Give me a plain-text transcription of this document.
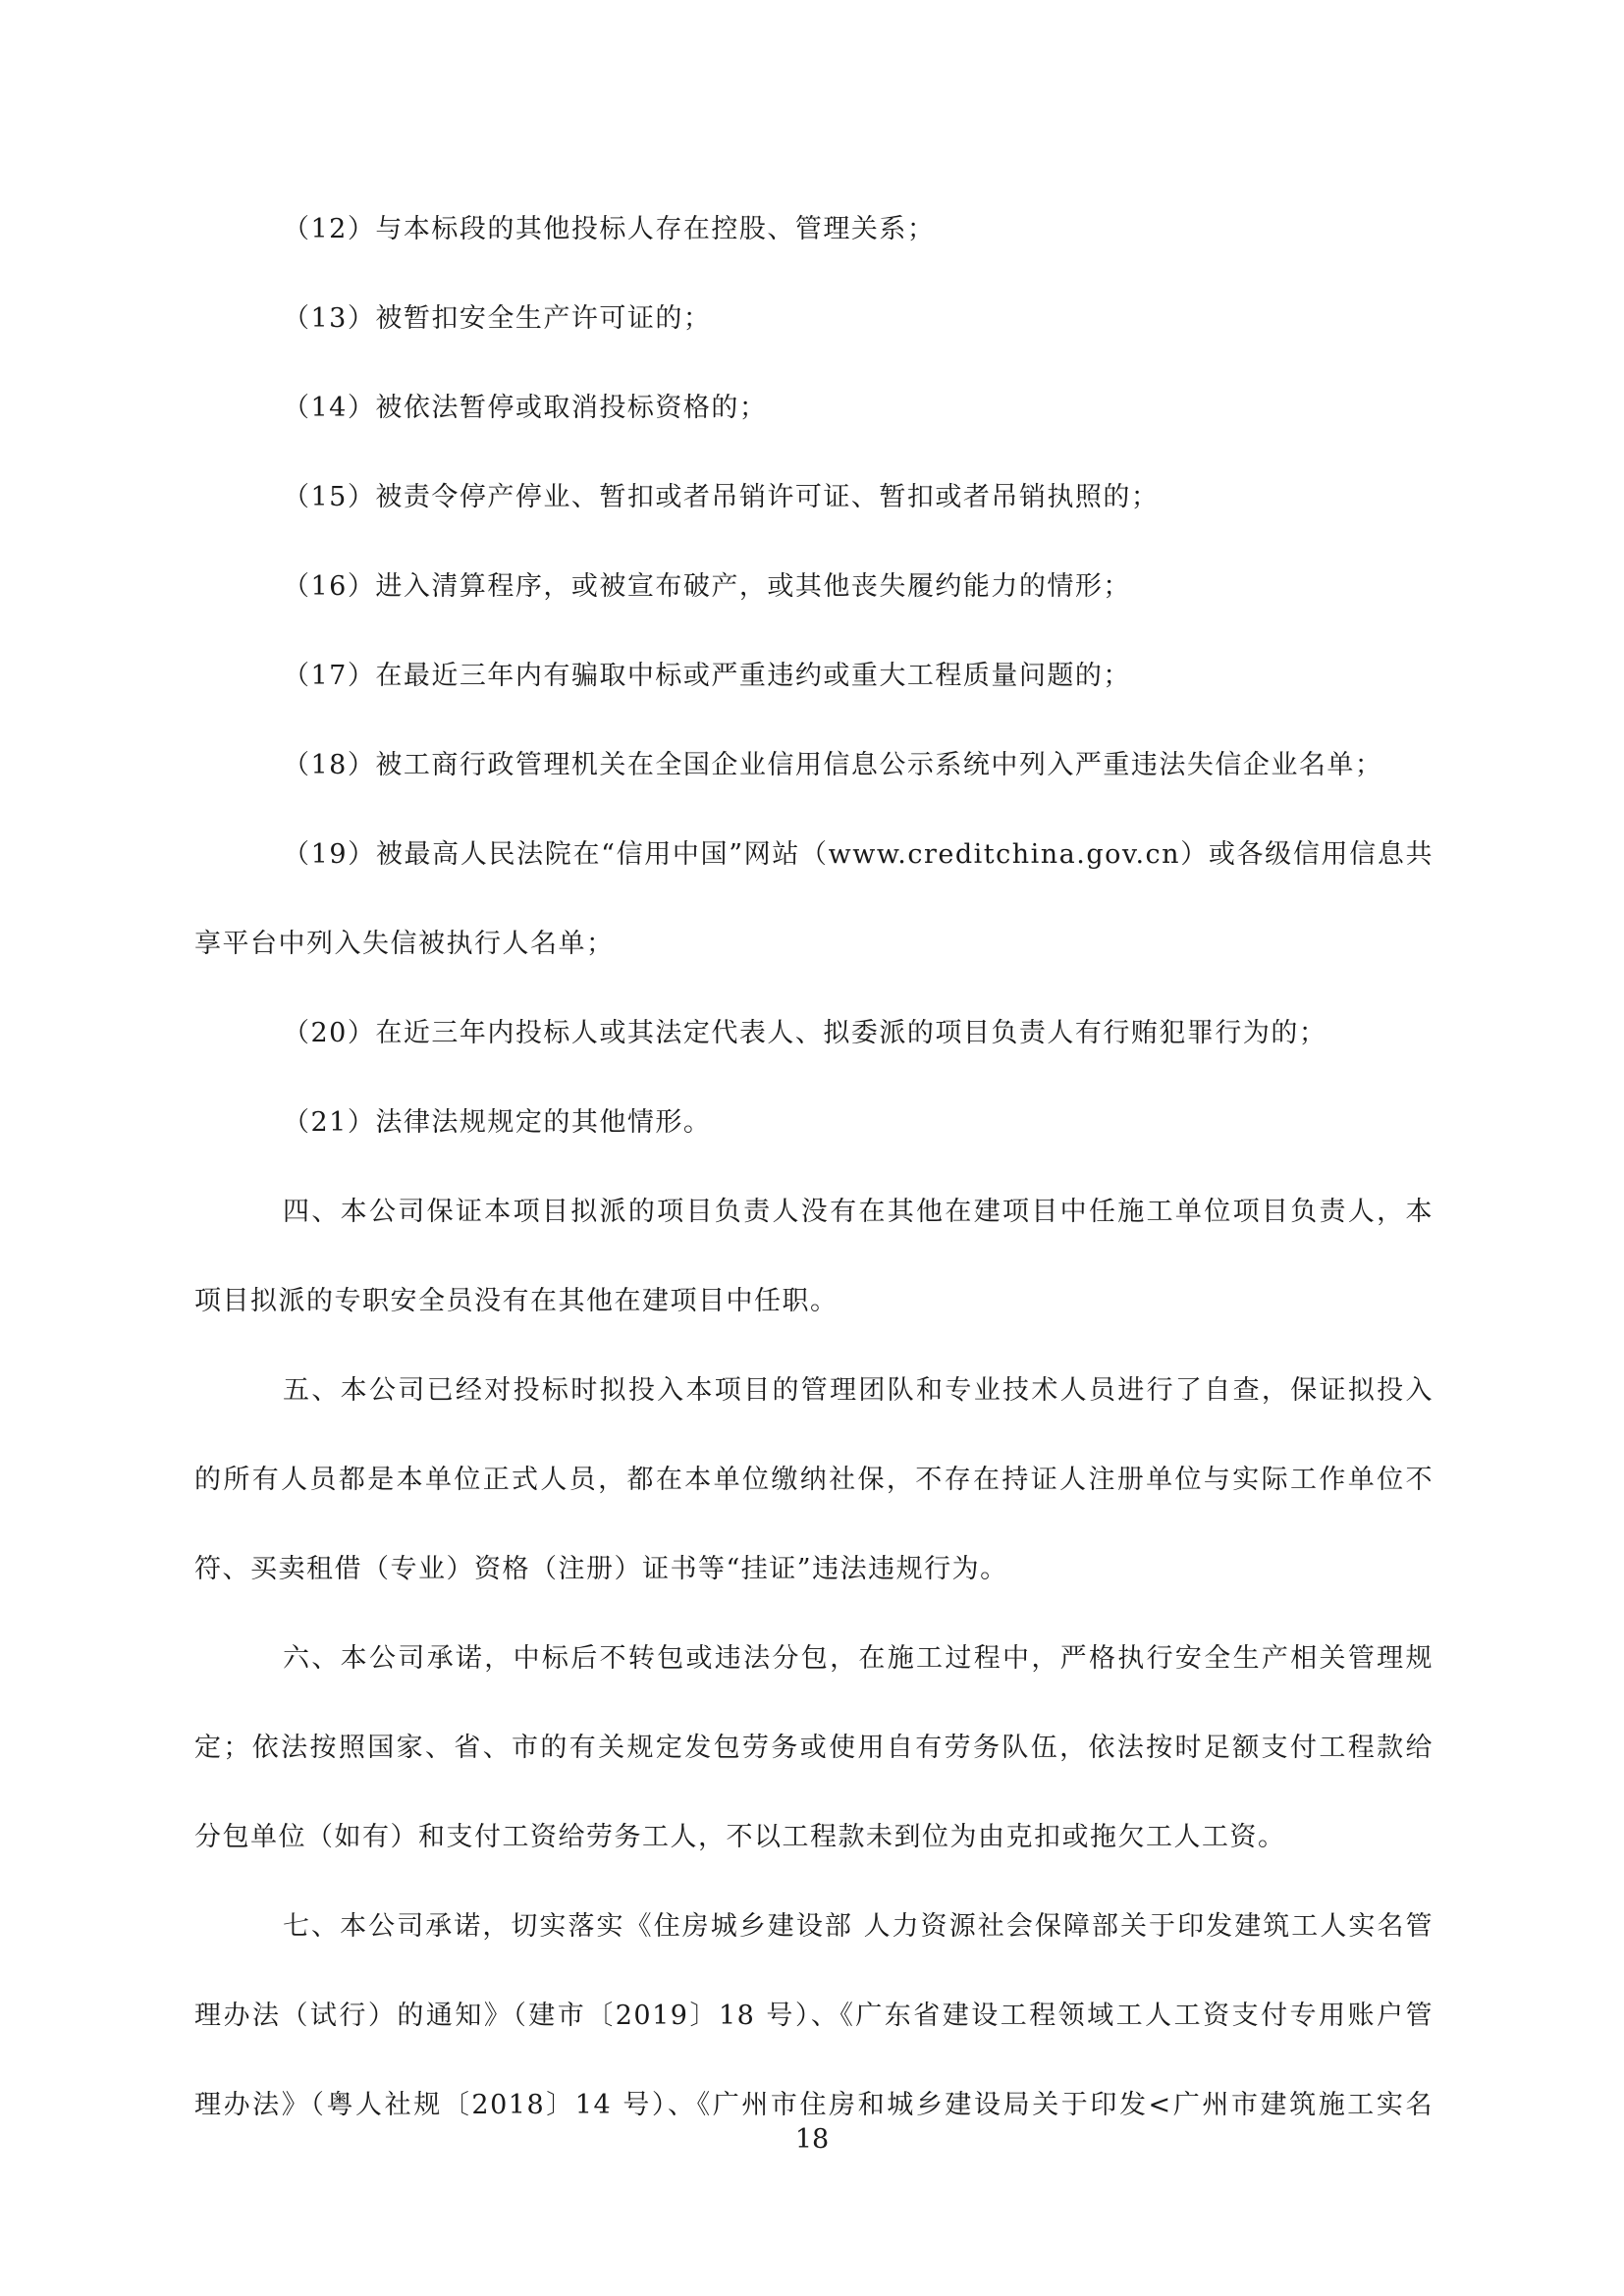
（12）与本标段的其他投标人存在控股、管理关系；
（13）被暂扣安全生产许可证的；
（14）被依法暂停或取消投标资格的；
（15）被责令停产停业、暂扣或者吊销许可证、暂扣或者吊销执照的；
（16）进入清算程序，或被宣布破产，或其他丧失履约能力的情形；
（17）在最近三年内有骗取中标或严重违约或重大工程质量问题的；
（18）被工商行政管理机关在全国企业信用信息公示系统中列入严重违法失信企业名单；
（19）被最高人民法院在“信用中国”网站（www.creditchina.gov.cn）或各级信用信息共
享平台中列入失信被执行人名单；
（20）在近三年内投标人或其法定代表人、拟委派的项目负责人有行贿犯罪行为的；
（21）法律法规规定的其他情形。
四、本公司保证本项目拟派的项目负责人没有在其他在建项目中任施工单位项目负责人，本
项目拟派的专职安全员没有在其他在建项目中任职。
五、本公司已经对投标时拟投入本项目的管理团队和专业技术人员进行了自查，保证拟投入
的所有人员都是本单位正式人员，都在本单位缴纳社保，不存在持证人注册单位与实际工作单位不
符、买卖租借（专业）资格（注册）证书等“挂证”违法违规行为。
六、本公司承诺，中标后不转包或违法分包，在施工过程中，严格执行安全生产相关管理规
定；依法按照国家、省、市的有关规定发包劳务或使用自有劳务队伍，依法按时足额支付工程款给
分包单位（如有）和支付工资给劳务工人，不以工程款未到位为由克扣或拖欠工人工资。
七、本公司承诺，切实落实《住房城乡建设部 人力资源社会保障部关于印发建筑工人实名管
理办法（试行）的通知》（建市〔2019〕18 号）、《广东省建设工程领域工人工资支付专用账户管
理办法》（粤人社规〔2018〕14 号）、《广州市住房和城乡建设局关于印发<广州市建筑施工实名
18
